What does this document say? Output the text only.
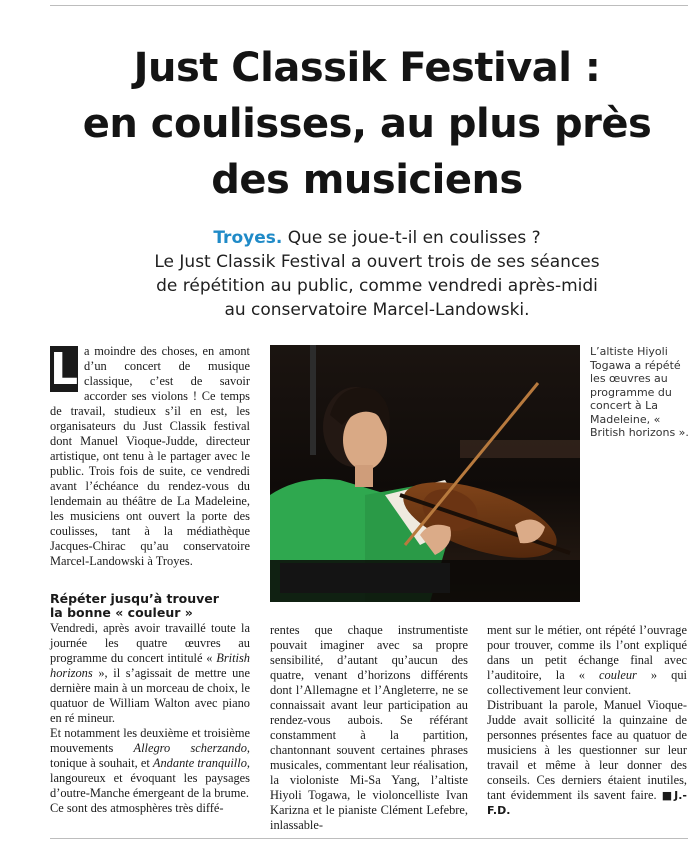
Just Classik Festival :
en coulisses, au plus près
des musiciens

Troyes. Que se joue-t-il en coulisses ?
Le Just Classik Festival a ouvert trois de ses séances
de répétition au public, comme vendredi après-midi
au conservatoire Marcel-Landowski.

L a moindre des choses, en amont d’un concert de musique classique, c’est de savoir accorder ses violons ! Ce temps de travail, studieux s’il en est, les organisateurs du Just Classik festival dont Manuel Vioque-Judde, directeur artistique, ont tenu à le partager avec le public. Trois fois de suite, ce vendredi avant l’échéance du rendez-vous du lendemain au théâtre de La Madeleine, les musiciens ont ouvert la porte des coulisses, tant à la médiathèque Jacques-Chirac qu’au conservatoire Marcel-Landowski à Troyes.

L’altiste Hiyoli Togawa a répété les œuvres au programme du concert à La Madeleine, « British horizons ».

Répéter jusqu’à trouver
la bonne « couleur »
Vendredi, après avoir travaillé toute la journée les quatre œuvres au programme du concert intitulé « British horizons », il s’agissait de mettre une dernière main à un morceau de choix, le quatuor de William Walton avec piano en ré mineur.
Et notamment les deuxième et troisième mouvements Allegro scherzando, tonique à souhait, et Andante tranquillo, langoureux et évoquant les paysages d’outre-Manche émergeant de la brume.
Ce sont des atmosphères très diffé-
rentes que chaque instrumentiste pouvait imaginer avec sa propre sensibilité, d’autant qu’aucun des quatre, venant d’horizons différents dont l’Allemagne et l’Angleterre, ne se connaissait avant leur participation au rendez-vous aubois. Se référant constamment à la partition, chantonnant souvent certaines phrases musicales, commentant leur réalisation, la violoniste Mi-Sa Yang, l’altiste Hiyoli Togawa, le violoncelliste Ivan Karizna et le pianiste Clément Lefebre, inlassable-
ment sur le métier, ont répété l’ouvrage pour trouver, comme ils l’ont expliqué dans un petit échange final avec l’auditoire, la « couleur » qui collectivement leur convient.
Distribuant la parole, Manuel Vioque-Judde avait sollicité la quinzaine de personnes présentes face au quatuor de musiciens à les questionner sur leur travail et même à leur donner des conseils. Ces derniers étaient inutiles, tant évidemment ils savent faire. ■J.-F.D.
